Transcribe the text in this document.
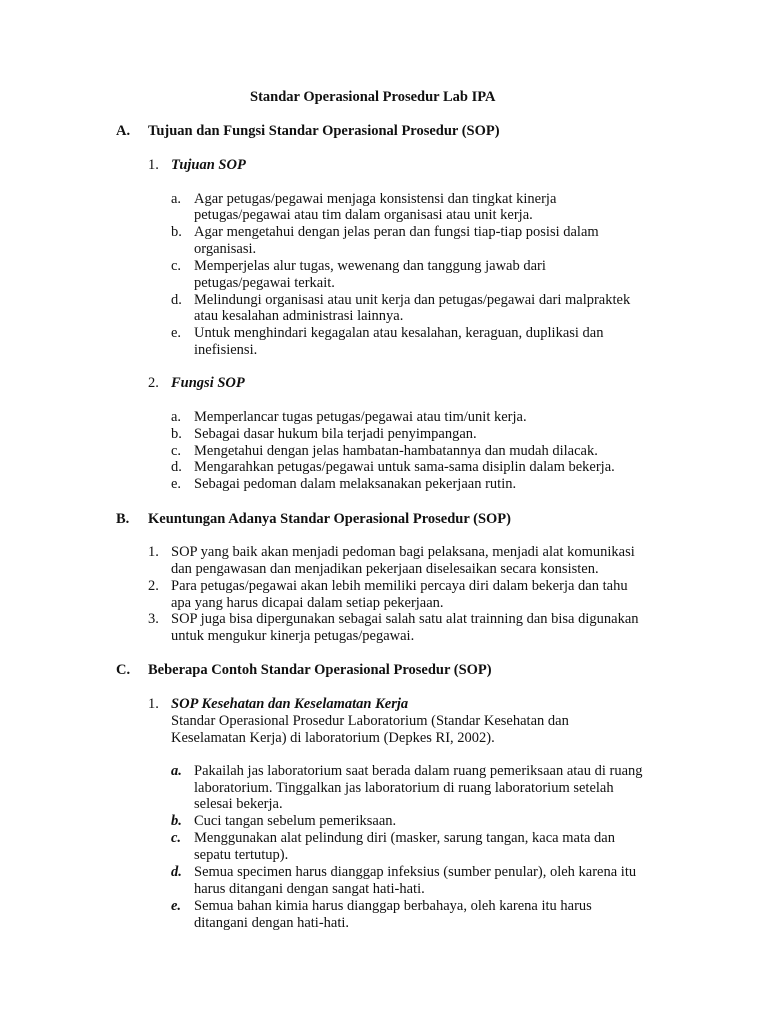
Standar Operasional Prosedur Lab IPA
A. Tujuan dan Fungsi Standar Operasional Prosedur (SOP)
1. Tujuan SOP
a. Agar petugas/pegawai menjaga konsistensi dan tingkat kinerja
petugas/pegawai atau tim dalam organisasi atau unit kerja.
b. Agar mengetahui dengan jelas peran dan fungsi tiap-tiap posisi dalam
organisasi.
c. Memperjelas alur tugas, wewenang dan tanggung jawab dari
petugas/pegawai terkait.
d. Melindungi organisasi atau unit kerja dan petugas/pegawai dari malpraktek
atau kesalahan administrasi lainnya.
e. Untuk menghindari kegagalan atau kesalahan, keraguan, duplikasi dan
inefisiensi.
2. Fungsi SOP
a. Memperlancar tugas petugas/pegawai atau tim/unit kerja.
b. Sebagai dasar hukum bila terjadi penyimpangan.
c. Mengetahui dengan jelas hambatan-hambatannya dan mudah dilacak.
d. Mengarahkan petugas/pegawai untuk sama-sama disiplin dalam bekerja.
e. Sebagai pedoman dalam melaksanakan pekerjaan rutin.
B. Keuntungan Adanya Standar Operasional Prosedur (SOP)
1. SOP yang baik akan menjadi pedoman bagi pelaksana, menjadi alat komunikasi
dan pengawasan dan menjadikan pekerjaan diselesaikan secara konsisten.
2. Para petugas/pegawai akan lebih memiliki percaya diri dalam bekerja dan tahu
apa yang harus dicapai dalam setiap pekerjaan.
3. SOP juga bisa dipergunakan sebagai salah satu alat trainning dan bisa digunakan
untuk mengukur kinerja petugas/pegawai.
C. Beberapa Contoh Standar Operasional Prosedur (SOP)
1. SOP Kesehatan dan Keselamatan Kerja
Standar Operasional Prosedur Laboratorium (Standar Kesehatan dan
Keselamatan Kerja) di laboratorium (Depkes RI, 2002).
a. Pakailah jas laboratorium saat berada dalam ruang pemeriksaan atau di ruang
laboratorium. Tinggalkan jas laboratorium di ruang laboratorium setelah
selesai bekerja.
b. Cuci tangan sebelum pemeriksaan.
c. Menggunakan alat pelindung diri (masker, sarung tangan, kaca mata dan
sepatu tertutup).
d. Semua specimen harus dianggap infeksius (sumber penular), oleh karena itu
harus ditangani dengan sangat hati-hati.
e. Semua bahan kimia harus dianggap berbahaya, oleh karena itu harus
ditangani dengan hati-hati.
